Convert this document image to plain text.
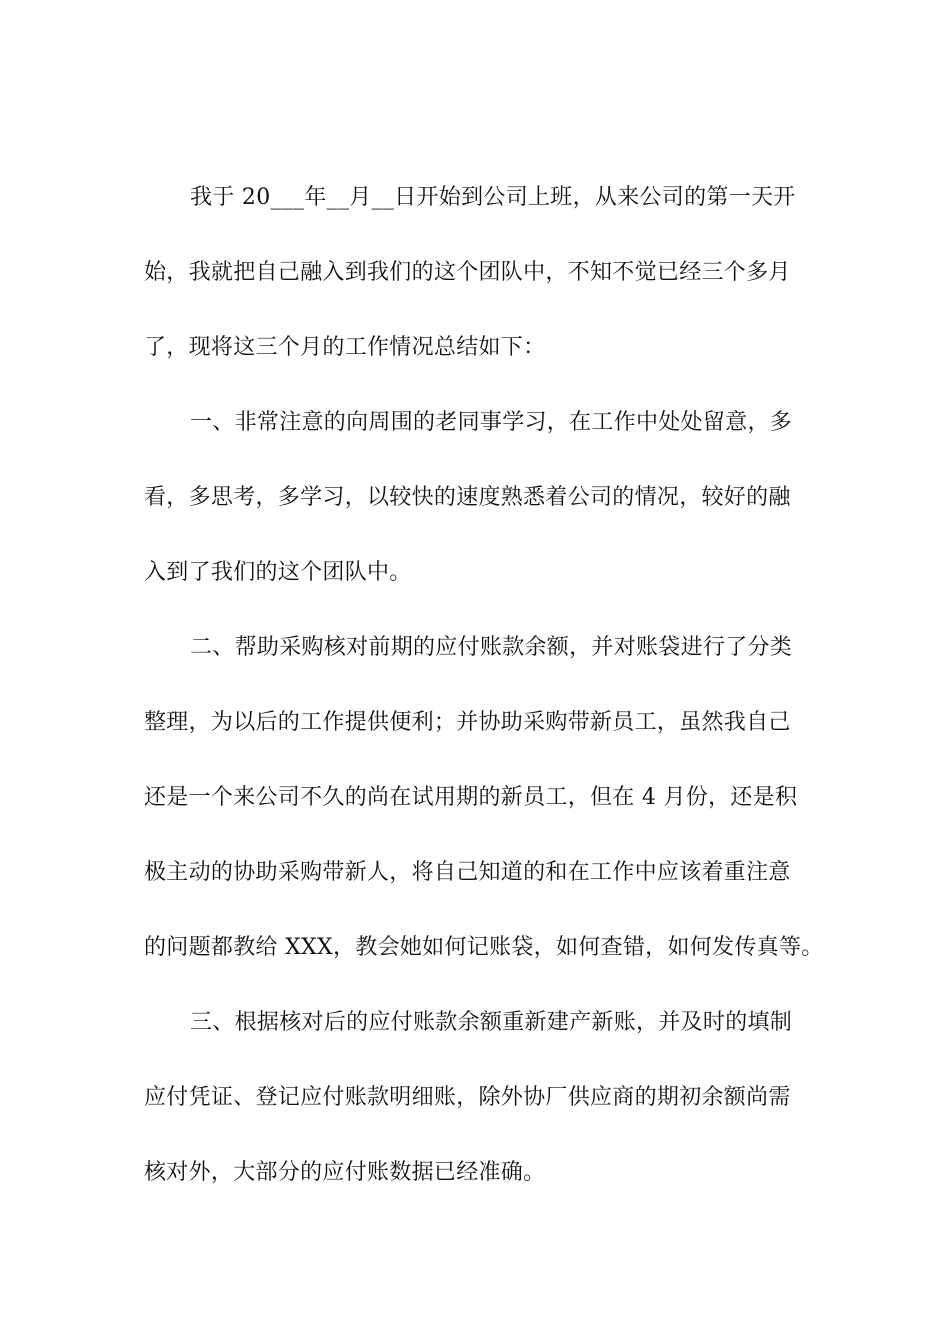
我于 20___年__月__日开始到公司上班，从来公司的第一天开
始，我就把自己融入到我们的这个团队中，不知不觉已经三个多月
了，现将这三个月的工作情况总结如下：
一、非常注意的向周围的老同事学习，在工作中处处留意，多
看，多思考，多学习，以较快的速度熟悉着公司的情况，较好的融
入到了我们的这个团队中。
二、帮助采购核对前期的应付账款余额，并对账袋进行了分类
整理，为以后的工作提供便利；并协助采购带新员工，虽然我自己
还是一个来公司不久的尚在试用期的新员工，但在 4 月份，还是积
极主动的协助采购带新人，将自己知道的和在工作中应该着重注意
的问题都教给 XXX，教会她如何记账袋，如何查错，如何发传真等。
三、根据核对后的应付账款余额重新建产新账，并及时的填制
应付凭证、登记应付账款明细账，除外协厂供应商的期初余额尚需
核对外，大部分的应付账数据已经准确。
